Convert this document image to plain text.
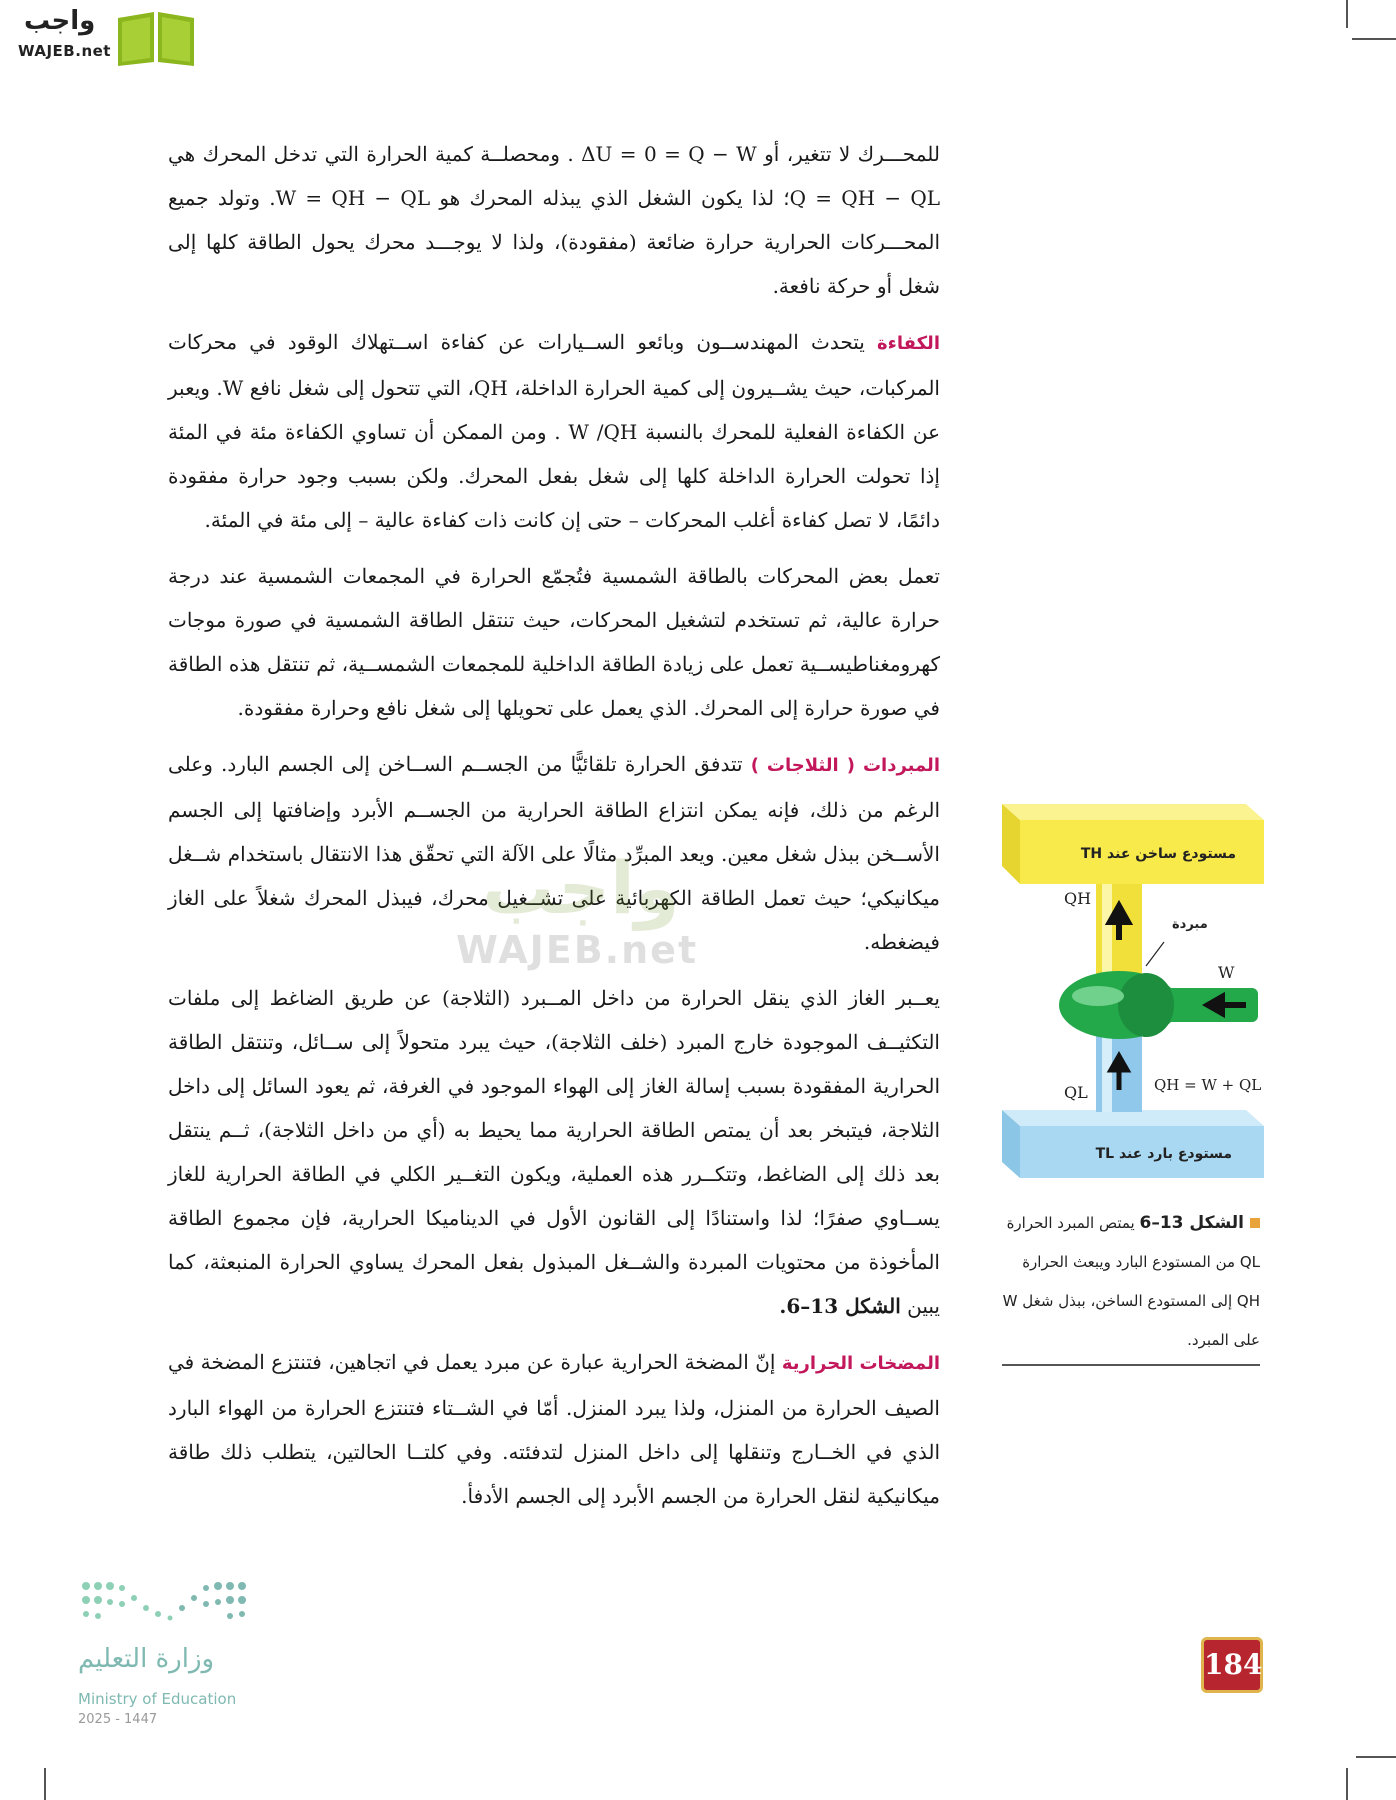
واجب
WAJEB.net

للمحـــرك لا تتغير، أو ΔU = 0 = Q − W . ومحصلــة كمية الحرارة التي تدخل المحرك هي Q = QH − QL؛ لذا يكون الشغل الذي يبذله المحرك هو W = QH − QL. وتولد جميع المحـــركات الحرارية حرارة ضائعة (مفقودة)، ولذا لا يوجـــد محرك يحول الطاقة كلها إلى شغل أو حركة نافعة.

الكفاءة يتحدث المهندســون وبائعو الســيارات عن كفاءة اســتهلاك الوقود في محركات المركبات، حيث يشــيرون إلى كمية الحرارة الداخلة، QH، التي تتحول إلى شغل نافع W. ويعبر عن الكفاءة الفعلية للمحرك بالنسبة W /QH . ومن الممكن أن تساوي الكفاءة مئة في المئة إذا تحولت الحرارة الداخلة كلها إلى شغل بفعل المحرك. ولكن بسبب وجود حرارة مفقودة دائمًا، لا تصل كفاءة أغلب المحركات – حتى إن كانت ذات كفاءة عالية – إلى مئة في المئة.

تعمل بعض المحركات بالطاقة الشمسية فتُجمّع الحرارة في المجمعات الشمسية عند درجة حرارة عالية، ثم تستخدم لتشغيل المحركات، حيث تنتقل الطاقة الشمسية في صورة موجات كهرومغناطيســية تعمل على زيادة الطاقة الداخلية للمجمعات الشمســية، ثم تنتقل هذه الطاقة في صورة حرارة إلى المحرك. الذي يعمل على تحويلها إلى شغل نافع وحرارة مفقودة.

المبردات ( الثلاجات ) تتدفق الحرارة تلقائيًّا من الجســم الســاخن إلى الجسم البارد. وعلى الرغم من ذلك، فإنه يمكن انتزاع الطاقة الحرارية من الجســم الأبرد وإضافتها إلى الجسم الأســخن ببذل شغل معين. ويعد المبرِّد مثالًا على الآلة التي تحقّق هذا الانتقال باستخدام شــغل ميكانيكي؛ حيث تعمل الطاقة الكهربائية على تشــغيل محرك، فيبذل المحرك شغلاً على الغاز فيضغطه.

يعــبر الغاز الذي ينقل الحرارة من داخل المــبرد (الثلاجة) عن طريق الضاغط إلى ملفات التكثيــف الموجودة خارج المبرد (خلف الثلاجة)، حيث يبرد متحولاً إلى ســائل، وتنتقل الطاقة الحرارية المفقودة بسبب إسالة الغاز إلى الهواء الموجود في الغرفة، ثم يعود السائل إلى داخل الثلاجة، فيتبخر بعد أن يمتص الطاقة الحرارية مما يحيط به (أي من داخل الثلاجة)، ثــم ينتقل بعد ذلك إلى الضاغط، وتتكــرر هذه العملية، ويكون التغــير الكلي في الطاقة الحرارية للغاز يســاوي صفرًا؛ لذا واستنادًا إلى القانون الأول في الديناميكا الحرارية، فإن مجموع الطاقة المأخوذة من محتويات المبردة والشــغل المبذول بفعل المحرك يساوي الحرارة المنبعثة، كما يبين الشكل 13–6.

المضخات الحرارية إنّ المضخة الحرارية عبارة عن مبرد يعمل في اتجاهين، فتنتزع المضخة في الصيف الحرارة من المنزل، ولذا يبرد المنزل. أمّا في الشــتاء فتنتزع الحرارة من الهواء البارد الذي في الخــارج وتنقلها إلى داخل المنزل لتدفئته. وفي كلتــا الحالتين، يتطلب ذلك طاقة ميكانيكية لنقل الحرارة من الجسم الأبرد إلى الجسم الأدفأ.

واجب
WAJEB.net
مستودع ساخن عند TH
مستودع بارد عند TL
QH
QL
W
مبردة
QH = W + QL
الشكل 13–6 يمتص المبرد الحرارة QL من المستودع البارد ويبعث الحرارة QH إلى المستودع الساخن، ببذل شغل W على المبرد.
184
وزارة التعليم
Ministry of Education
2025 - 1447
